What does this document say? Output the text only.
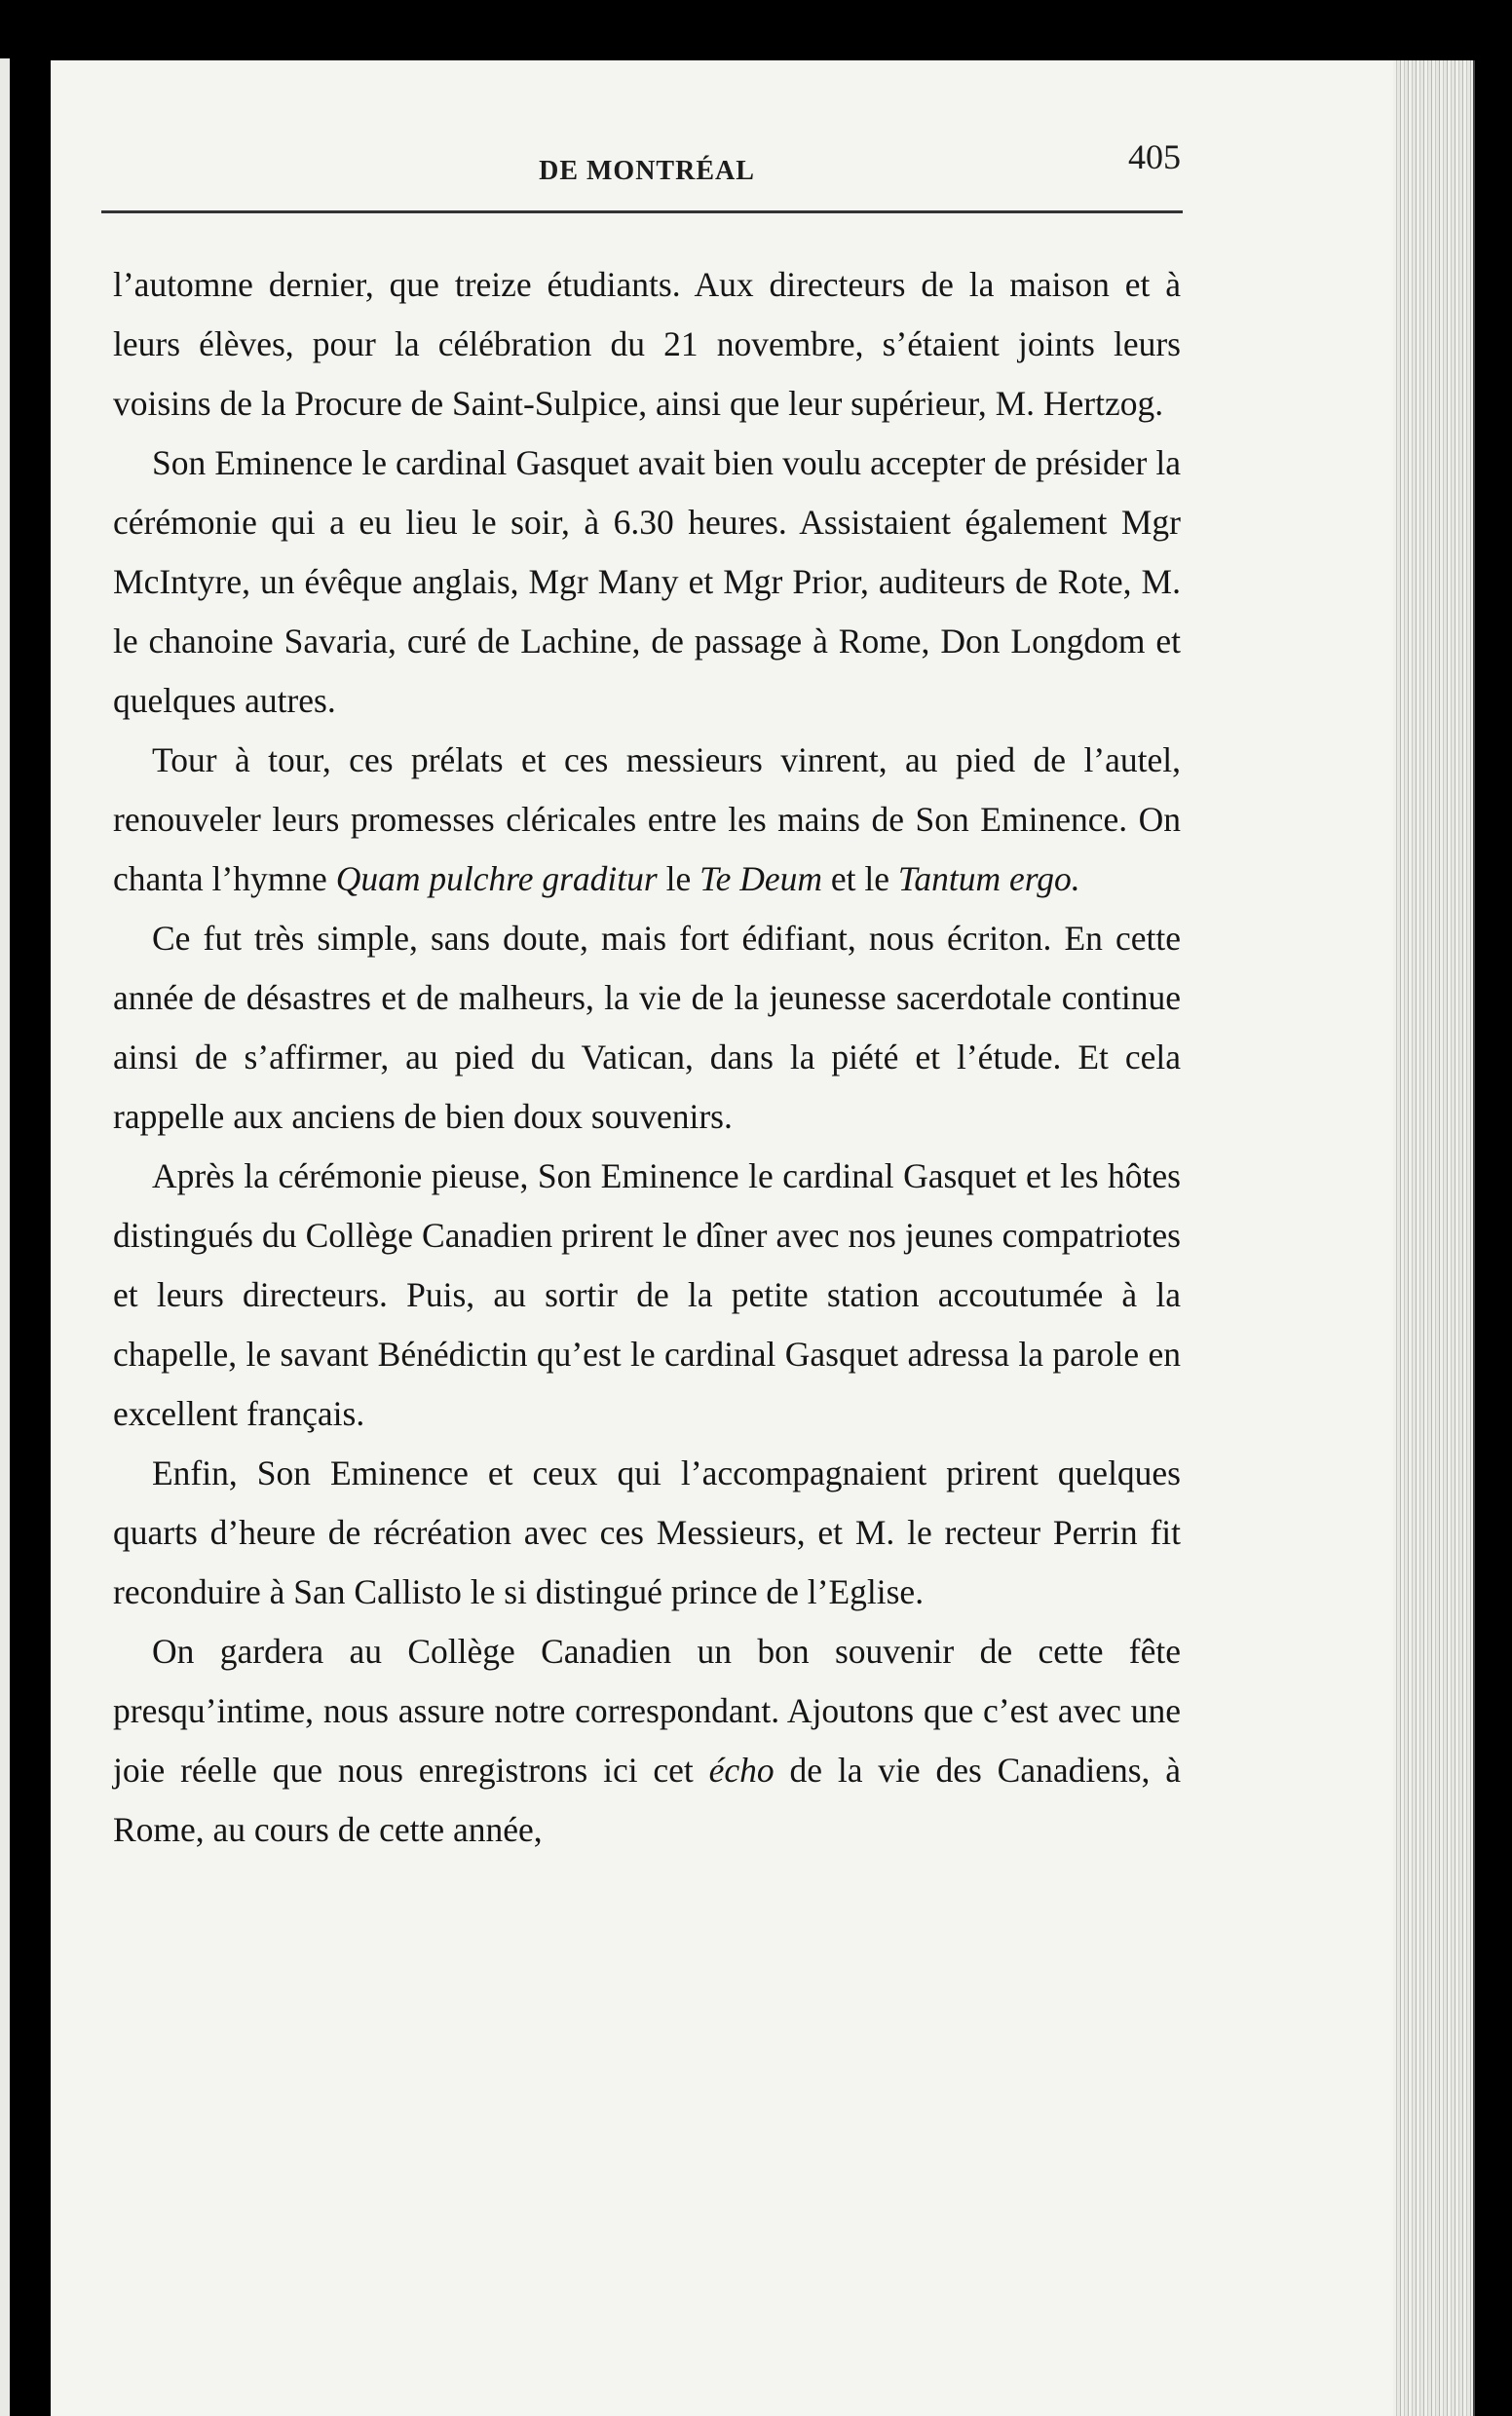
DE MONTRÉAL	405

l’automne dernier, que treize étudiants. Aux directeurs de la maison et à leurs élèves, pour la célébration du 21 novembre, s’étaient joints leurs voisins de la Procure de Saint-Sulpice, ainsi que leur supérieur, M. Hertzog.

Son Eminence le cardinal Gasquet avait bien voulu accepter de présider la cérémonie qui a eu lieu le soir, à 6.30 heures. Assistaient également Mgr McIntyre, un évêque anglais, Mgr Many et Mgr Prior, auditeurs de Rote, M. le chanoine Savaria, curé de Lachine, de passage à Rome, Don Longdom et quelques autres.

Tour à tour, ces prélats et ces messieurs vinrent, au pied de l’autel, renouveler leurs promesses cléricales entre les mains de Son Eminence. On chanta l’hymne Quam pulchre graditur le Te Deum et le Tantum ergo.

Ce fut très simple, sans doute, mais fort édifiant, nous écriton. En cette année de désastres et de malheurs, la vie de la jeunesse sacerdotale continue ainsi de s’affirmer, au pied du Vatican, dans la piété et l’étude. Et cela rappelle aux anciens de bien doux souvenirs.

Après la cérémonie pieuse, Son Eminence le cardinal Gasquet et les hôtes distingués du Collège Canadien prirent le dîner avec nos jeunes compatriotes et leurs directeurs. Puis, au sortir de la petite station accoutumée à la chapelle, le savant Bénédictin qu’est le cardinal Gasquet adressa la parole en excellent français.

Enfin, Son Eminence et ceux qui l’accompagnaient prirent quelques quarts d’heure de récréation avec ces Messieurs, et M. le recteur Perrin fit reconduire à San Callisto le si distingué prince de l’Eglise.

On gardera au Collège Canadien un bon souvenir de cette fête presqu’intime, nous assure notre correspondant. Ajoutons que c’est avec une joie réelle que nous enregistrons ici cet écho de la vie des Canadiens, à Rome, au cours de cette année,
